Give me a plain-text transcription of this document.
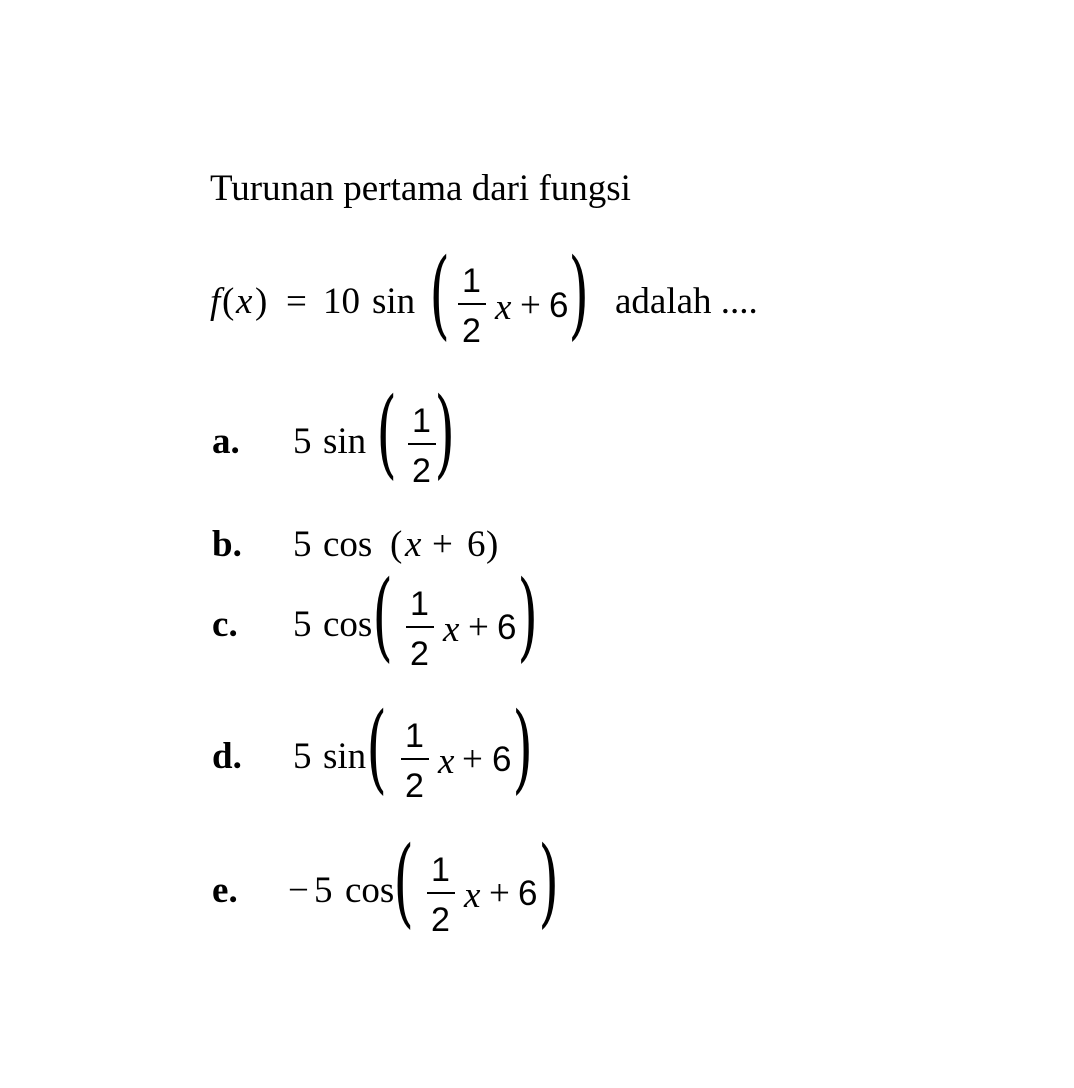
Turunan pertama dari fungsi
f ( x ) = 10 sin ( 1
2
x + 6 ) adalah ....
a. 5 sin ( 1
2 )
b. 5 cos ( x + 6 )
c. 5 cos ( 1
2
x + 6 )
d. 5 sin ( 1
2
x + 6 )
e. − 5 cos ( 1
2
x + 6 )
